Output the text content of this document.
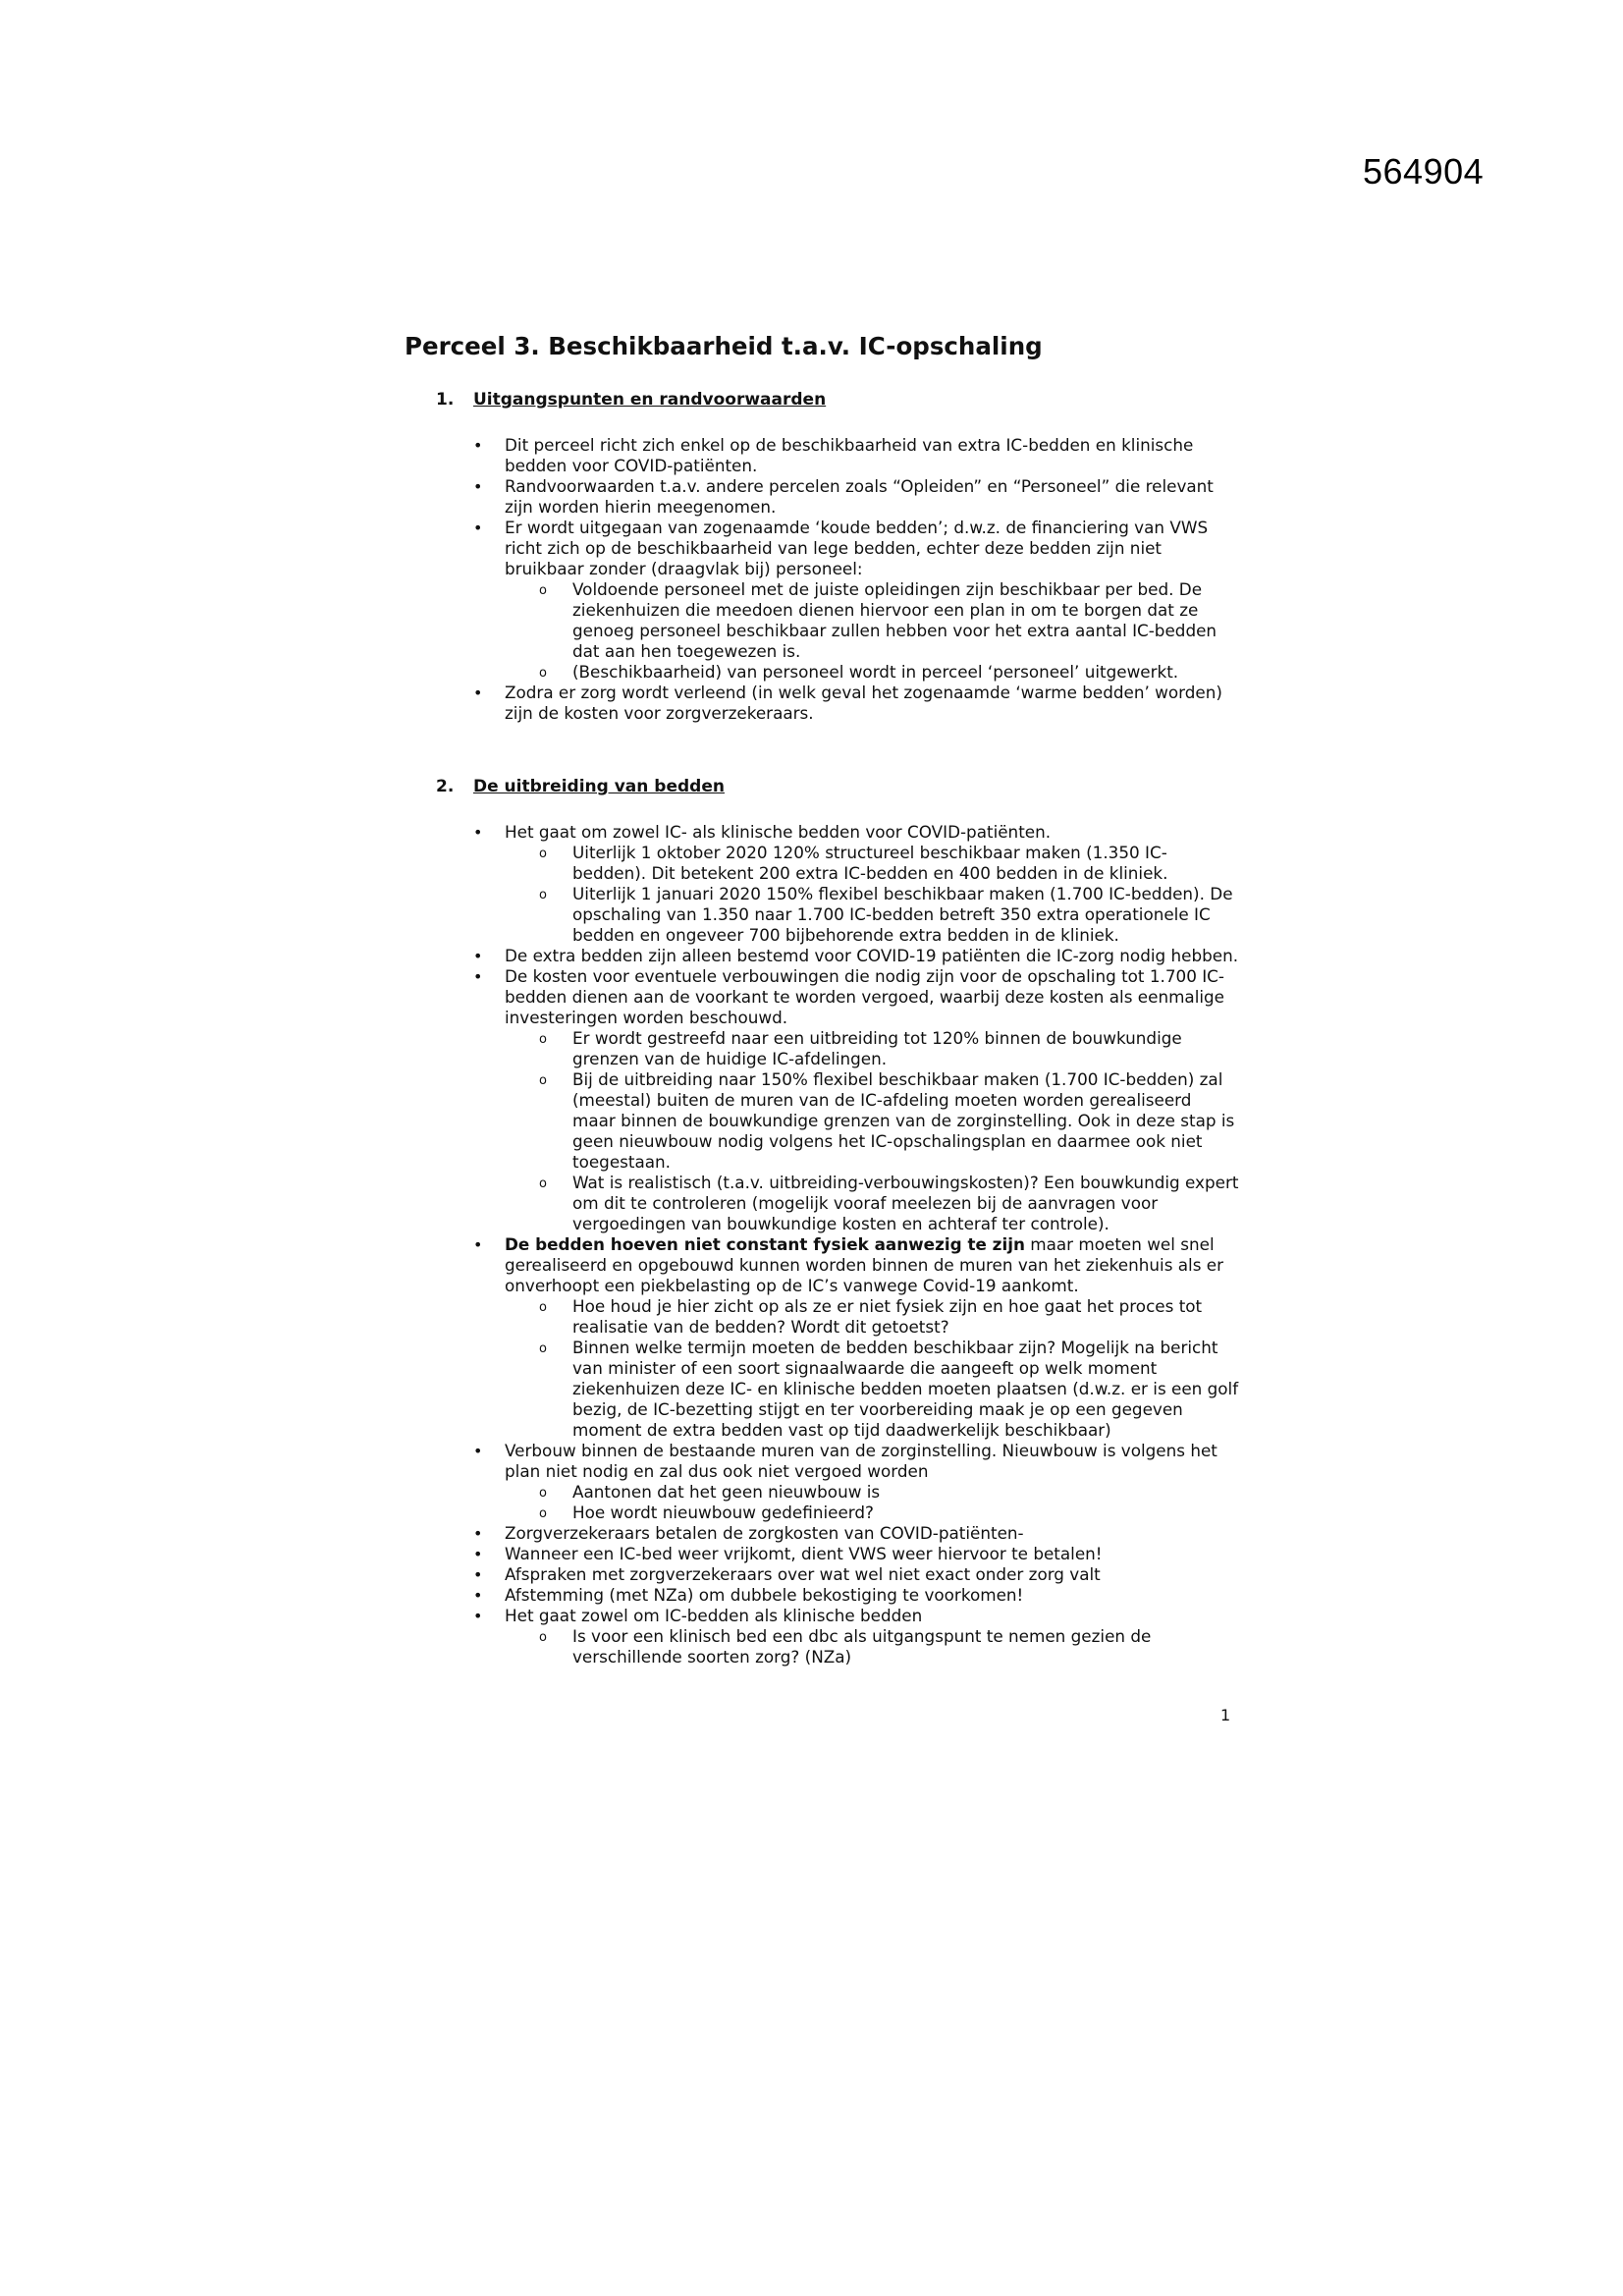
564904
Perceel 3. Beschikbaarheid t.a.v. IC-opschaling
1. Uitgangspunten en randvoorwaarden
• Dit perceel richt zich enkel op de beschikbaarheid van extra IC-bedden en klinische bedden voor COVID-patiënten.
• Randvoorwaarden t.a.v. andere percelen zoals “Opleiden” en “Personeel” die relevant zijn worden hierin meegenomen.
• Er wordt uitgegaan van zogenaamde ‘koude bedden’; d.w.z. de financiering van VWS richt zich op de beschikbaarheid van lege bedden, echter deze bedden zijn niet bruikbaar zonder (draagvlak bij) personeel:
o Voldoende personeel met de juiste opleidingen zijn beschikbaar per bed. De ziekenhuizen die meedoen dienen hiervoor een plan in om te borgen dat ze genoeg personeel beschikbaar zullen hebben voor het extra aantal IC-bedden dat aan hen toegewezen is.
o (Beschikbaarheid) van personeel wordt in perceel ‘personeel’ uitgewerkt.
• Zodra er zorg wordt verleend (in welk geval het zogenaamde ‘warme bedden’ worden) zijn de kosten voor zorgverzekeraars.
2. De uitbreiding van bedden
• Het gaat om zowel IC- als klinische bedden voor COVID-patiënten.
o Uiterlijk 1 oktober 2020 120% structureel beschikbaar maken (1.350 IC-bedden). Dit betekent 200 extra IC-bedden en 400 bedden in de kliniek.
o Uiterlijk 1 januari 2020 150% flexibel beschikbaar maken (1.700 IC-bedden). De opschaling van 1.350 naar 1.700 IC-bedden betreft 350 extra operationele IC bedden en ongeveer 700 bijbehorende extra bedden in de kliniek.
• De extra bedden zijn alleen bestemd voor COVID-19 patiënten die IC-zorg nodig hebben.
• De kosten voor eventuele verbouwingen die nodig zijn voor de opschaling tot 1.700 IC-bedden dienen aan de voorkant te worden vergoed, waarbij deze kosten als eenmalige investeringen worden beschouwd.
o Er wordt gestreefd naar een uitbreiding tot 120% binnen de bouwkundige grenzen van de huidige IC-afdelingen.
o Bij de uitbreiding naar 150% flexibel beschikbaar maken (1.700 IC-bedden) zal (meestal) buiten de muren van de IC-afdeling moeten worden gerealiseerd maar binnen de bouwkundige grenzen van de zorginstelling. Ook in deze stap is geen nieuwbouw nodig volgens het IC-opschalingsplan en daarmee ook niet toegestaan.
o Wat is realistisch (t.a.v. uitbreiding-verbouwingskosten)? Een bouwkundig expert om dit te controleren (mogelijk vooraf meelezen bij de aanvragen voor vergoedingen van bouwkundige kosten en achteraf ter controle).
• De bedden hoeven niet constant fysiek aanwezig te zijn maar moeten wel snel gerealiseerd en opgebouwd kunnen worden binnen de muren van het ziekenhuis als er onverhoopt een piekbelasting op de IC’s vanwege Covid-19 aankomt.
o Hoe houd je hier zicht op als ze er niet fysiek zijn en hoe gaat het proces tot realisatie van de bedden? Wordt dit getoetst?
o Binnen welke termijn moeten de bedden beschikbaar zijn? Mogelijk na bericht van minister of een soort signaalwaarde die aangeeft op welk moment ziekenhuizen deze IC- en klinische bedden moeten plaatsen (d.w.z. er is een golf bezig, de IC-bezetting stijgt en ter voorbereiding maak je op een gegeven moment de extra bedden vast op tijd daadwerkelijk beschikbaar)
• Verbouw binnen de bestaande muren van de zorginstelling. Nieuwbouw is volgens het plan niet nodig en zal dus ook niet vergoed worden
o Aantonen dat het geen nieuwbouw is
o Hoe wordt nieuwbouw gedefinieerd?
• Zorgverzekeraars betalen de zorgkosten van COVID-patiënten-
• Wanneer een IC-bed weer vrijkomt, dient VWS weer hiervoor te betalen!
• Afspraken met zorgverzekeraars over wat wel niet exact onder zorg valt
• Afstemming (met NZa) om dubbele bekostiging te voorkomen!
• Het gaat zowel om IC-bedden als klinische bedden
o Is voor een klinisch bed een dbc als uitgangspunt te nemen gezien de verschillende soorten zorg? (NZa)
1
